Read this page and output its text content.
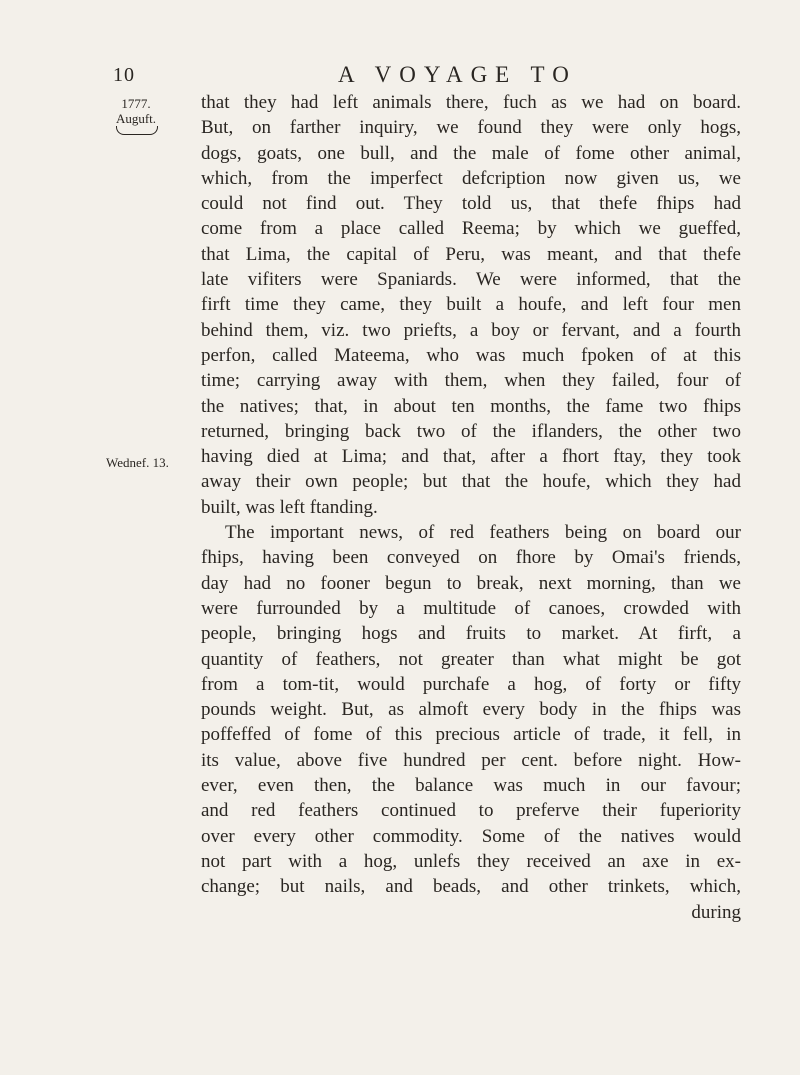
10	A VOYAGE TO
1777.
Auguft.
Wednef. 13.
that they had left animals there, fuch as we had on board.
But, on farther inquiry, we found they were only hogs,
dogs, goats, one bull, and the male of fome other animal,
which, from the imperfect defcription now given us, we
could not find out. They told us, that thefe fhips had
come from a place called Reema; by which we gueffed,
that Lima, the capital of Peru, was meant, and that thefe
late vifiters were Spaniards. We were informed, that the
firft time they came, they built a houfe, and left four men
behind them, viz. two priefts, a boy or fervant, and a fourth
perfon, called Mateema, who was much fpoken of at this
time; carrying away with them, when they failed, four of
the natives; that, in about ten months, the fame two fhips
returned, bringing back two of the iflanders, the other two
having died at Lima; and that, after a fhort ftay, they took
away their own people; but that the houfe, which they had
built, was left ftanding.
The important news, of red feathers being on board our
fhips, having been conveyed on fhore by Omai's friends,
day had no fooner begun to break, next morning, than we
were furrounded by a multitude of canoes, crowded with
people, bringing hogs and fruits to market. At firft, a
quantity of feathers, not greater than what might be got
from a tom-tit, would purchafe a hog, of forty or fifty
pounds weight. But, as almoft every body in the fhips was
poffeffed of fome of this precious article of trade, it fell, in
its value, above five hundred per cent. before night. How-
ever, even then, the balance was much in our favour;
and red feathers continued to preferve their fuperiority
over every other commodity. Some of the natives would
not part with a hog, unlefs they received an axe in ex-
change; but nails, and beads, and other trinkets, which,
during
